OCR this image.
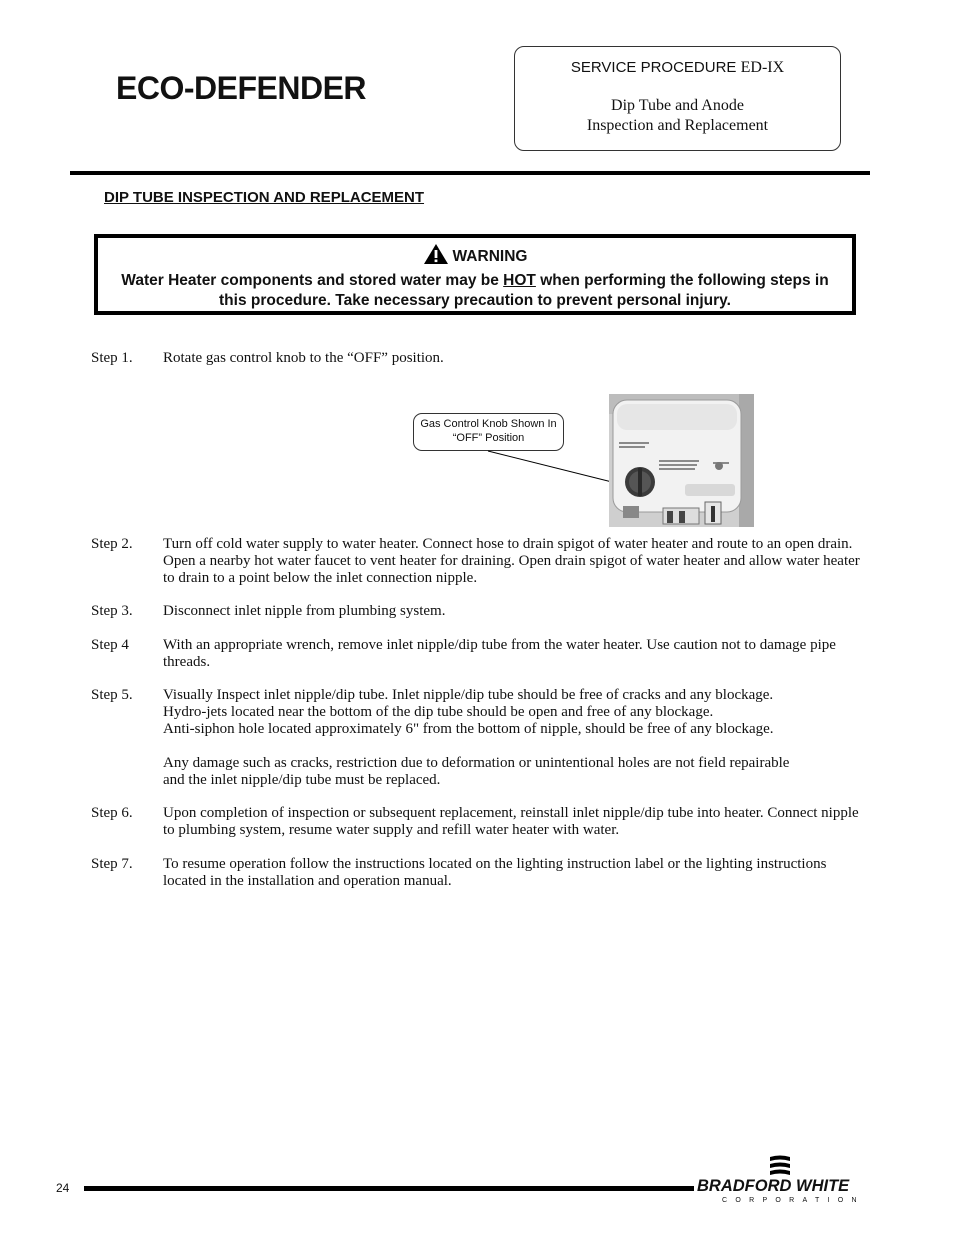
ECO-DEFENDER
SERVICE PROCEDURE ED-IX
Dip Tube and Anode
Inspection and Replacement
DIP TUBE INSPECTION AND REPLACEMENT
WARNING
Water Heater components and stored water may be HOT when performing the following steps in this procedure. Take necessary precaution to prevent personal injury.
Step 1.	Rotate gas control knob to the “OFF” position.
Gas Control Knob Shown In
“OFF” Position
Step 2.	Turn off cold water supply to water heater. Connect hose to drain spigot of water heater and route to an open drain. Open a nearby hot water faucet to vent heater for draining. Open drain spigot of water heater and allow water heater to drain to a point below the inlet connection nipple.
Step 3.	Disconnect inlet nipple from plumbing system.
Step 4	With an appropriate wrench, remove inlet nipple/dip tube from the water heater. Use caution not to damage pipe threads.
Step 5.	Visually Inspect inlet nipple/dip tube. Inlet nipple/dip tube should be free of cracks and any blockage.
Hydro-jets located near the bottom of the dip tube should be open and free of any blockage.
Anti-siphon hole located approximately 6" from the bottom of nipple, should be free of any blockage.

Any damage such as cracks, restriction due to deformation or unintentional holes are not field repairable
and the inlet nipple/dip tube must be replaced.
Step 6.	Upon completion of inspection or subsequent replacement, reinstall inlet nipple/dip tube into heater. Connect nipple to plumbing system, resume water supply and refill water heater with water.
Step 7.	To resume operation follow the instructions located on the lighting instruction label or the lighting instructions located in the installation and operation manual.
24	BRADFORD WHITE
CORPORATION
